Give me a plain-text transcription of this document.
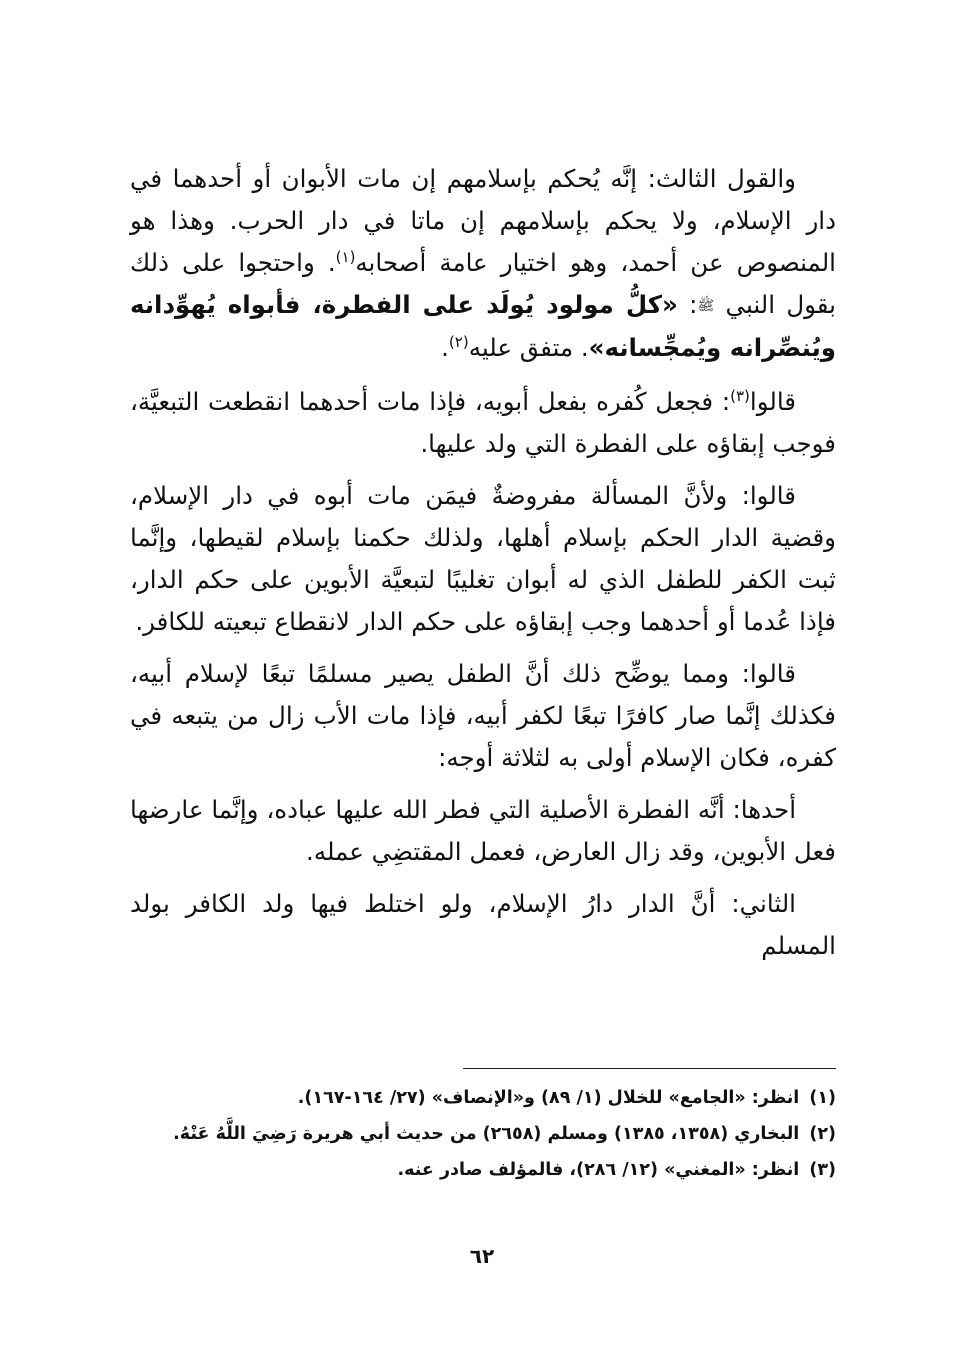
والقول الثالث: إنَّه يُحكم بإسلامهم إن مات الأبوان أو أحدهما في دار الإسلام، ولا يحكم بإسلامهم إن ماتا في دار الحرب. وهذا هو المنصوص عن أحمد، وهو اختيار عامة أصحابه$^{(١)}$. واحتجوا على ذلك بقول النبي ﷺ: «كلُّ مولود يُولَد على الفطرة، فأبواه يُهوِّدانه ويُنصِّرانه ويُمجِّسانه». متفق عليه$^{(٢)}$.

قالوا$^{(٣)}$: فجعل كُفره بفعل أبويه، فإذا مات أحدهما انقطعت التبعيَّة، فوجب إبقاؤه على الفطرة التي ولد عليها.

قالوا: ولأنَّ المسألة مفروضةٌ فيمَن مات أبوه في دار الإسلام، وقضية الدار الحكم بإسلام أهلها، ولذلك حكمنا بإسلام لقيطها، وإنَّما ثبت الكفر للطفل الذي له أبوان تغليبًا لتبعيَّة الأبوين على حكم الدار، فإذا عُدما أو أحدهما وجب إبقاؤه على حكم الدار لانقطاع تبعيته للكافر.

قالوا: ومما يوضِّح ذلك أنَّ الطفل يصير مسلمًا تبعًا لإسلام أبيه، فكذلك إنَّما صار كافرًا تبعًا لكفر أبيه، فإذا مات الأب زال من يتبعه في كفره، فكان الإسلام أولى به لثلاثة أوجه:

أحدها: أنَّه الفطرة الأصلية التي فطر الله عليها عباده، وإنَّما عارضها فعل الأبوين، وقد زال العارض، فعمل المقتضِي عمله.

الثاني: أنَّ الدار دارُ الإسلام، ولو اختلط فيها ولد الكافر بولد المسلم

(١)انظر: «الجامع» للخلال (١/ ٨٩) و«الإنصاف» (٢٧/ ١٦٤-١٦٧).

(٢)البخاري (١٣٥٨، ١٣٨٥) ومسلم (٢٦٥٨) من حديث أبي هريرة رَضِيَ اللَّهُ عَنْهُ.

(٣)انظر: «المغني» (١٢/ ٢٨٦)، فالمؤلف صادر عنه.

٦٢
